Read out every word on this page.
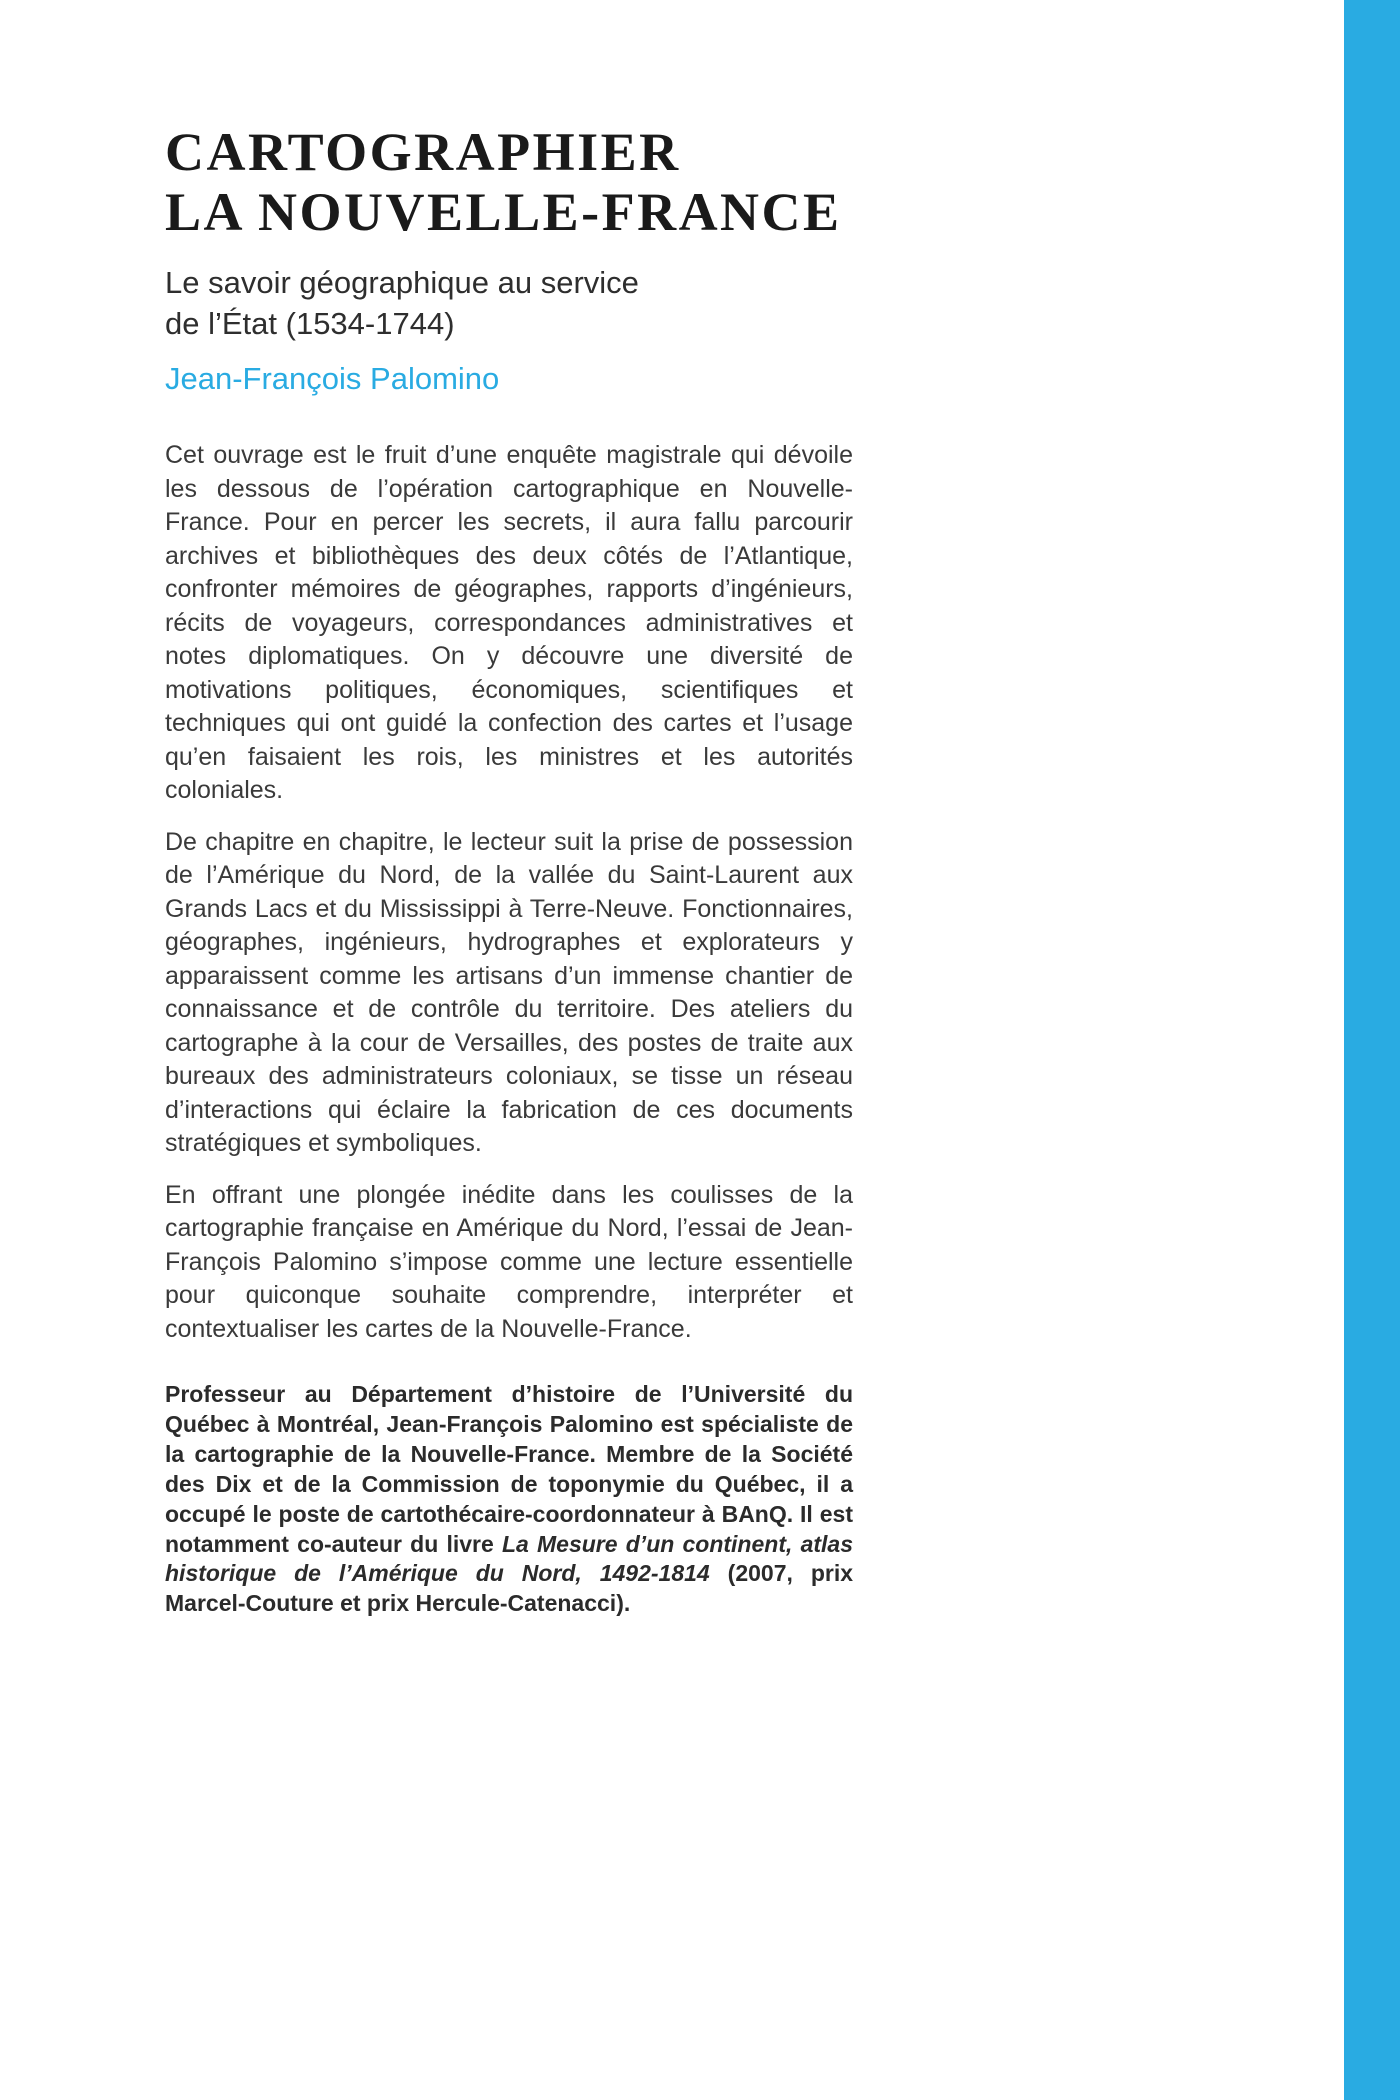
CARTOGRAPHIER
LA NOUVELLE-FRANCE
Le savoir géographique au service
de l’État (1534-1744)
Jean-François Palomino

Cet ouvrage est le fruit d’une enquête magistrale qui dévoile les dessous de l’opération cartographique en Nouvelle-France. Pour en percer les secrets, il aura fallu parcourir archives et bibliothèques des deux côtés de l’Atlantique, confronter mémoires de géographes, rapports d’ingénieurs, récits de voyageurs, correspondances administratives et notes diplomatiques. On y découvre une diversité de motivations politiques, économiques, scientifiques et techniques qui ont guidé la confection des cartes et l’usage qu’en faisaient les rois, les ministres et les autorités coloniales.

De chapitre en chapitre, le lecteur suit la prise de possession de l’Amérique du Nord, de la vallée du Saint-Laurent aux Grands Lacs et du Mississippi à Terre-Neuve. Fonctionnaires, géographes, ingénieurs, hydrographes et explorateurs y apparaissent comme les artisans d’un immense chantier de connaissance et de contrôle du territoire. Des ateliers du cartographe à la cour de Versailles, des postes de traite aux bureaux des administrateurs coloniaux, se tisse un réseau d’interactions qui éclaire la fabrication de ces documents stratégiques et symboliques.

En offrant une plongée inédite dans les coulisses de la cartographie française en Amérique du Nord, l’essai de Jean-François Palomino s’impose comme une lecture essentielle pour quiconque souhaite comprendre, interpréter et contextualiser les cartes de la Nouvelle-France.

Professeur au Département d’histoire de l’Université du Québec à Montréal, Jean-François Palomino est spécialiste de la cartographie de la Nouvelle-France. Membre de la Société des Dix et de la Commission de toponymie du Québec, il a occupé le poste de cartothécaire-coordonnateur à BAnQ. Il est notamment co-auteur du livre La Mesure d’un continent, atlas historique de l’Amérique du Nord, 1492-1814 (2007, prix Marcel-Couture et prix Hercule-Catenacci).
